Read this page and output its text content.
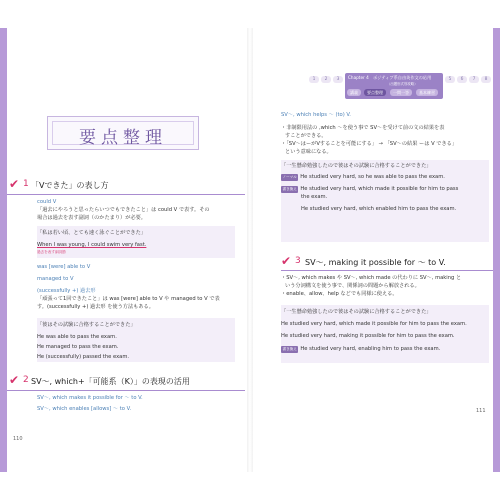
要点整理
✔ 1 「Vできた」の表し方
could V
「過去にやろうと思ったらいつでもできたこと」は could V で表す。その
場合は過去を表す副詞（のかたまり）が必要。
「私は若い頃、とても速く泳ぐことができた」
When I was young, I could swim very fast.
過去を表す副詞節
was [were] able to V
managed to V
(successfully +) 過去形
「頑張って1回できたこと」は was [were] able to V や managed to V で表
す。(successfully +) 過去形 を使う方法もある。
「彼はその試験に合格することができた」
He was able to pass the exam.
He managed to pass the exam.
He (successfully) passed the exam.
✔ 2 SV〜, which+「可能系（K）」の表現の活用
SV〜, which makes it possible for 〜 to V.
SV〜, which enables [allows] 〜 to V.
110
1	2	3	Chapter 4 ポジティブ系自由英作文の応用
（出題形式別攻略）
5	6	7	8
講義	要点整理	一問一答	基本練習
SV〜, which helps 〜 (to) V.
・非制限用法の ,which 〜を使う事で SV〜を受けて前の文の結果を表
すことができる。
・「SV〜はーがVすることを可能にする」 → 「SV〜の結果 ーは V できる」
という意味になる。
「一生懸命勉強したので彼はその試験に合格することができた」
ノーマル He studied very hard, so he was able to pass the exam.
書き換え He studied very hard, which made it possible for him to pass
the exam.
He studied very hard, which enabled him to pass the exam.
✔ 3 SV〜, making it possible for 〜 to V.
・SV〜, which makes や SV〜, which made の代わりに SV〜, making と
いう分詞構文を使う事で、関係詞の問題から解放される。
・enable、allow、help などでも同様に使える。
「一生懸命勉強したので彼はその試験に合格することができた」
He studied very hard, which made it possible for him to pass the exam.
He studied very hard, making it possible for him to pass the exam.
書き換え He studied very hard, enabling him to pass the exam.
111
